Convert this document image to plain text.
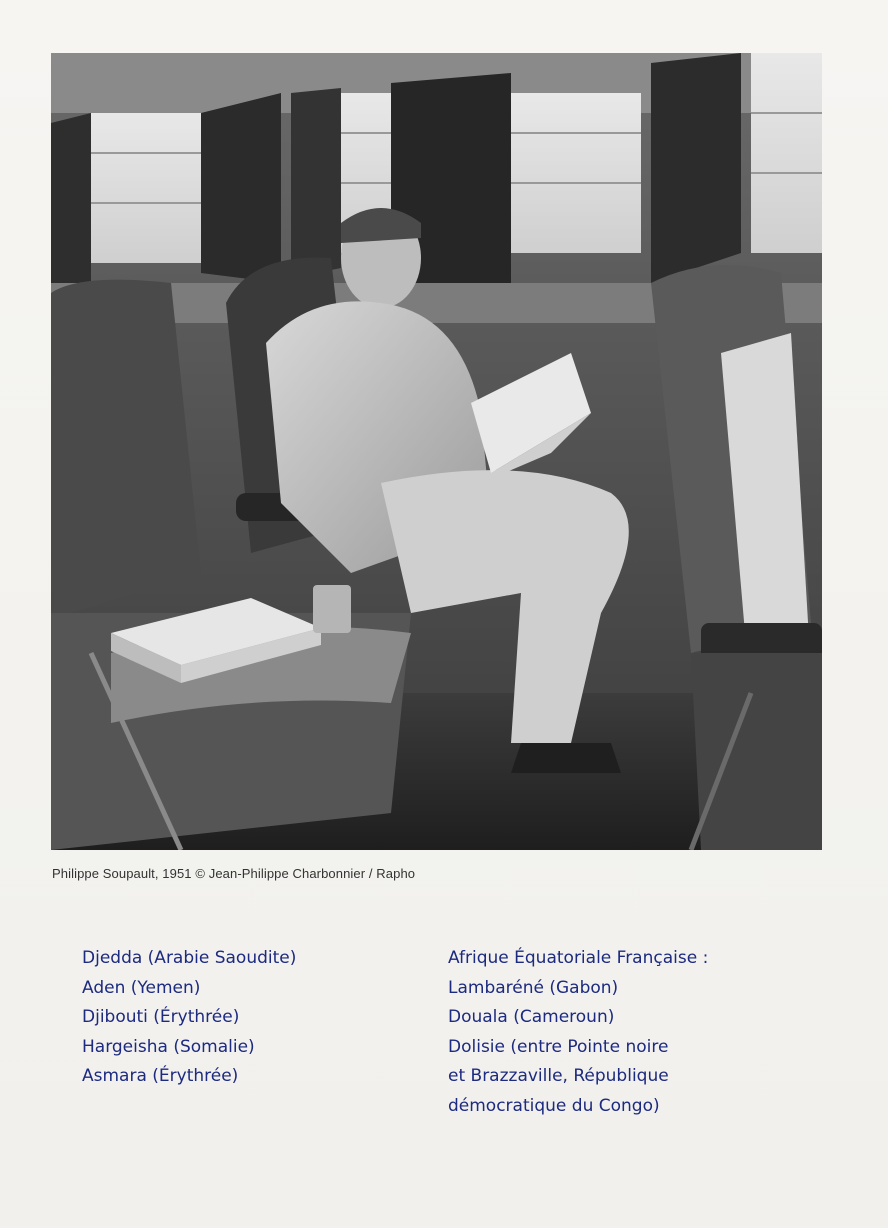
Philippe Soupault, 1951 © Jean-Philippe Charbonnier / Rapho
Djedda (Arabie Saoudite)
Aden (Yemen)
Djibouti (Érythrée)
Hargeisha (Somalie)
Asmara (Érythrée)
Afrique Équatoriale Française :
Lambaréné (Gabon)
Douala (Cameroun)
Dolisie (entre Pointe noire
et Brazzaville, République
démocratique du Congo)
